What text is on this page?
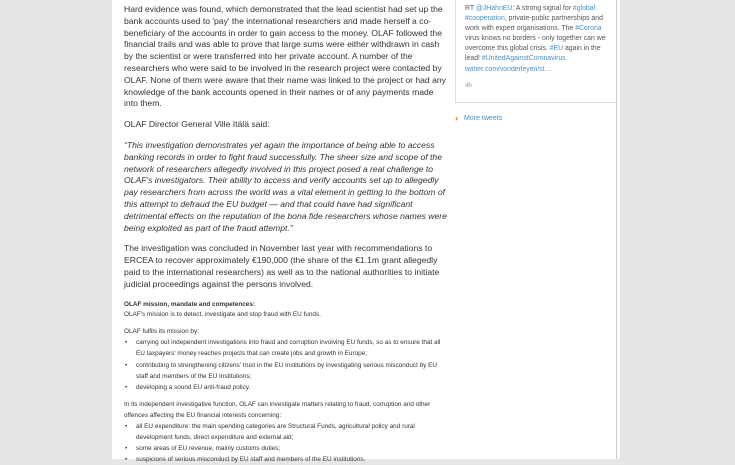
Hard evidence was found, which demonstrated that the lead scientist had set up the bank accounts used to 'pay' the international researchers and made herself a co-beneficiary of the accounts in order to gain access to the money. OLAF followed the financial trails and was able to prove that large sums were either withdrawn in cash by the scientist or were transferred into her private account. A number of the researchers who were said to be involved in the research project were contacted by OLAF. None of them were aware that their name was linked to the project or had any knowledge of the bank accounts opened in their names or of any payments made into them.

OLAF Director General Ville Itälä said:

“This investigation demonstrates yet again the importance of being able to access banking records in order to fight fraud successfully. The sheer size and scope of the network of researchers allegedly involved in this project posed a real challenge to OLAF's investigators. Their ability to access and verify accounts set up to allegedly pay researchers from across the world was a vital element in getting to the bottom of this attempt to defraud the EU budget — and that could have had significant detrimental effects on the reputation of the bona fide researchers whose names were being exploited as part of the fraud attempt.”

The investigation was concluded in November last year with recommendations to ERCEA to recover approximately €190,000 (the share of the €1.1m grant allegedly paid to the international researchers) as well as to the national authorities to initiate judicial proceedings against the persons involved.

OLAF mission, mandate and competences:

OLAF's mission is to detect, investigate and stop fraud with EU funds.

OLAF fulfils its mission by:

• carrying out independent investigations into fraud and corruption involving EU funds, so as to ensure that all EU taxpayers' money reaches projects that can create jobs and growth in Europe;
• contributing to strengthening citizens' trust in the EU Institutions by investigating serious misconduct by EU staff and members of the EU Institutions;
• developing a sound EU anti-fraud policy.

In its independent investigative function, OLAF can investigate matters relating to fraud, corruption and other offences affecting the EU financial interests concerning:

• all EU expenditure: the main spending categories are Structural Funds, agricultural policy and rural development funds, direct expenditure and external aid;
• some areas of EU revenue, mainly customs duties;
• suspicions of serious misconduct by EU staff and members of the EU institutions.
RT @JHahnEU: A strong signal for #global #cooperation, private-public partnerships and work with expert organisations. The #Corona virus knows no borders - only together can we overcome this global crisis. #EU again in the lead! #UnitedAgainstCoronavirus twitter.com/vonderleyen/st…
4h
› More tweets
